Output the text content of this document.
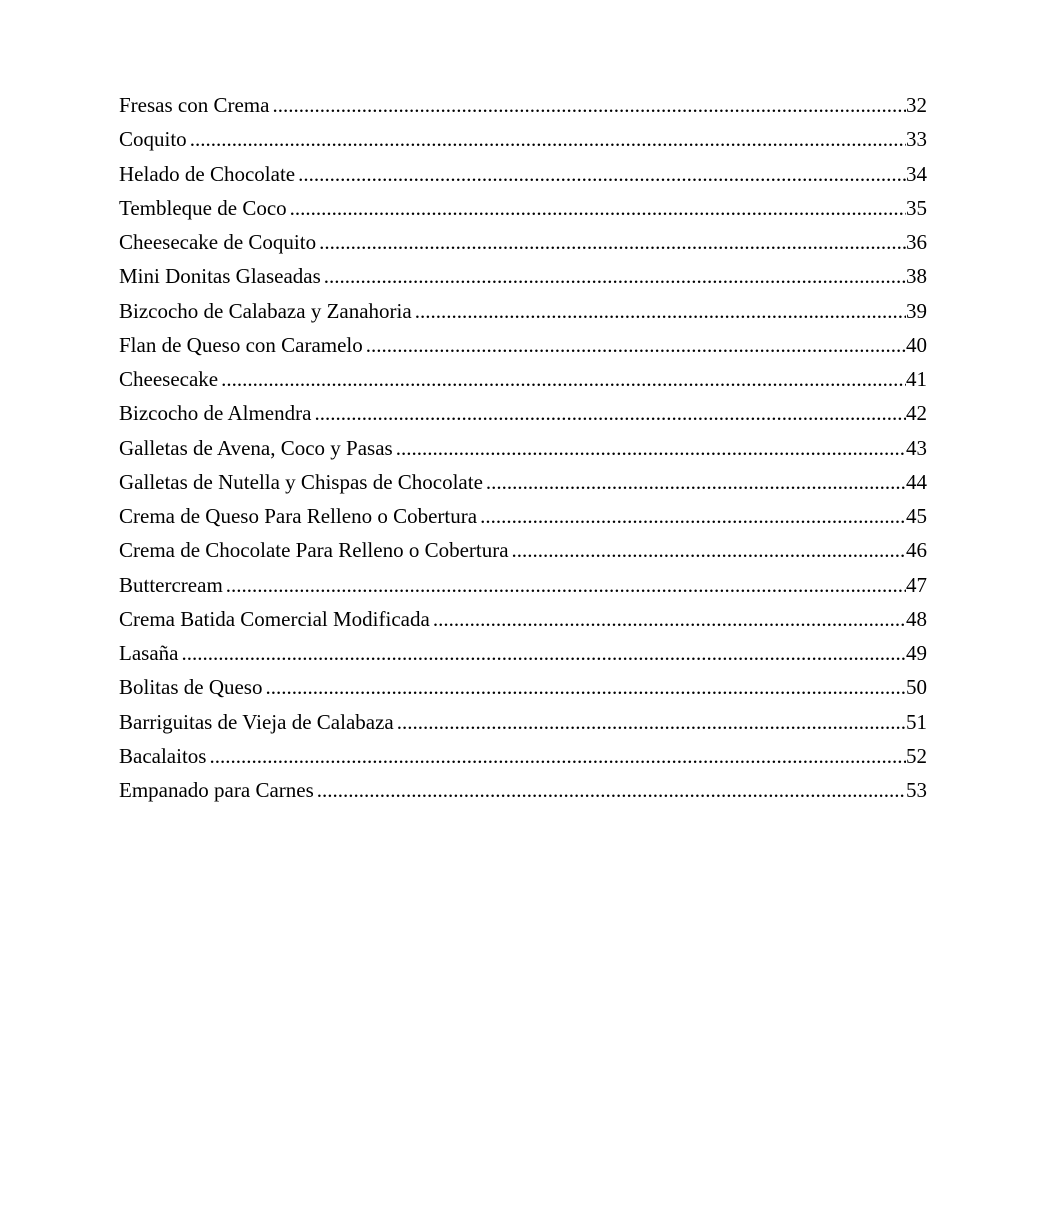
Fresas con Crema .....	32
Coquito .....	33
Helado de Chocolate .....	34
Tembleque de Coco .....	35
Cheesecake de Coquito .....	36
Mini Donitas Glaseadas .....	38
Bizcocho de Calabaza y Zanahoria .....	39
Flan de Queso con Caramelo .....	40
Cheesecake .....	41
Bizcocho de Almendra .....	42
Galletas de Avena, Coco y Pasas .....	43
Galletas de Nutella y Chispas de Chocolate .....	44
Crema de Queso Para Relleno o Cobertura .....	45
Crema de Chocolate Para Relleno o Cobertura .....	46
Buttercream .....	47
Crema Batida Comercial Modificada .....	48
Lasaña .....	49
Bolitas de Queso .....	50
Barriguitas de Vieja de Calabaza .....	51
Bacalaitos .....	52
Empanado para Carnes .....	53
